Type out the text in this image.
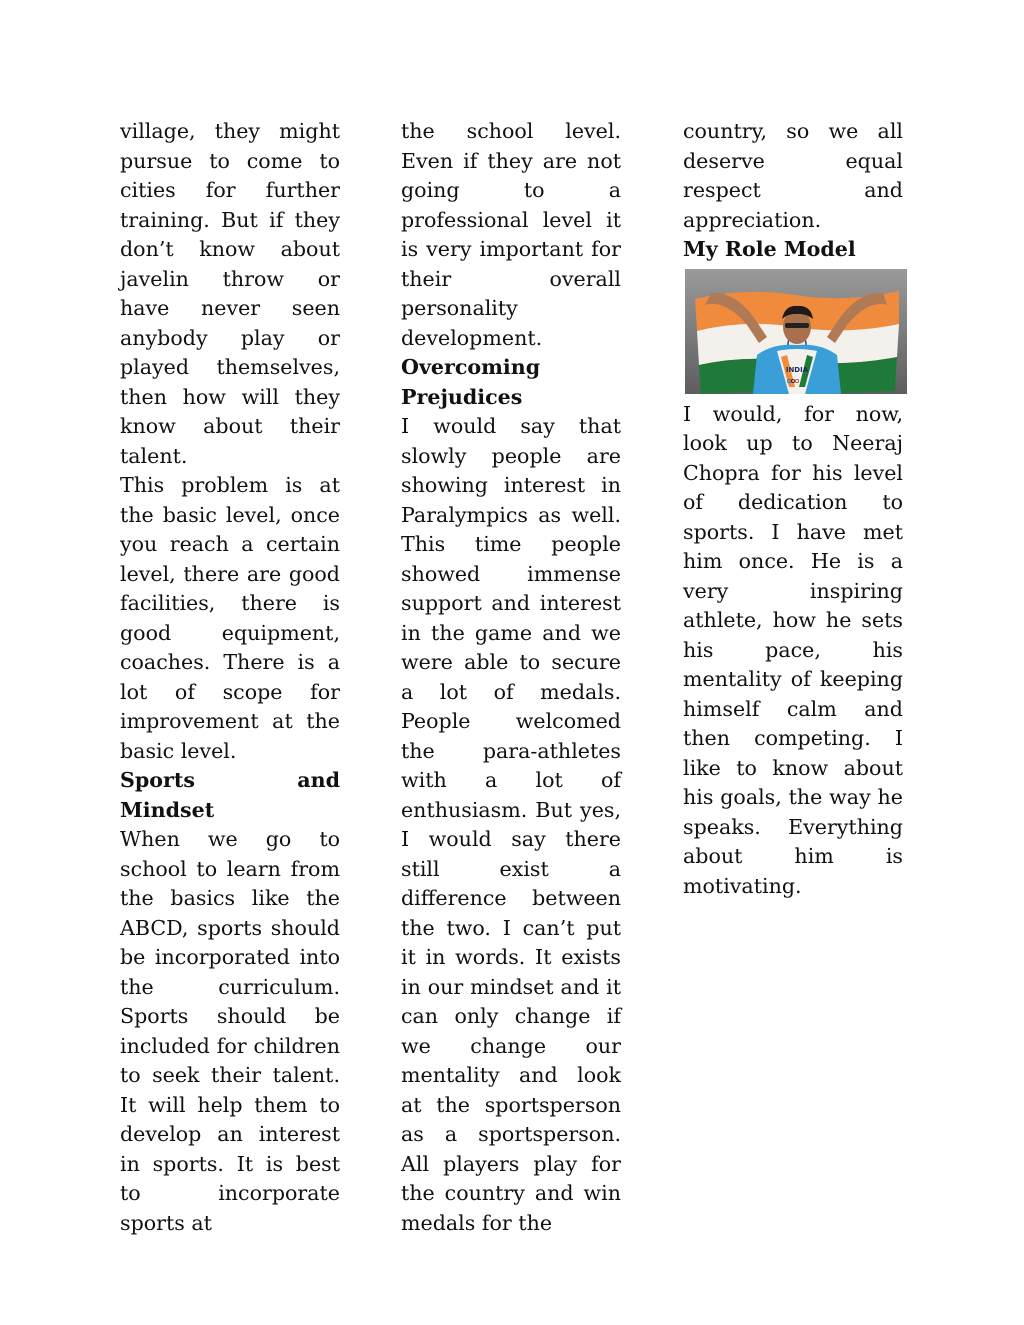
village, they might pursue to come to cities for further training. But if they don’t know about javelin throw or have never seen anybody play or played themselves, then how will they know about their talent.

This problem is at the basic level, once you reach a certain level, there are good facilities, there is good equipment, coaches. There is a lot of scope for improvement at the basic level.

Sports and Mindset

When we go to school to learn from the basics like the ABCD, sports should be incorporated into the curriculum. Sports should be included for children to seek their talent. It will help them to develop an interest in sports. It is best to incorporate sports at

the school level. Even if they are not going to a professional level it is very important for their overall personality development.

Overcoming Prejudices

I would say that slowly people are showing interest in Paralympics as well. This time people showed immense support and interest in the game and we were able to secure a lot of medals. People welcomed the para-athletes with a lot of enthusiasm. But yes, I would say there still exist a difference between the two. I can’t put it in words. It exists in our mindset and it can only change if we change our mentality and look at the sportsperson as a sportsperson. All players play for the country and win medals for the

country, so we all deserve equal respect and appreciation.

My Role Model
INDIA

I would, for now, look up to Neeraj Chopra for his level of dedication to sports. I have met him once. He is a very inspiring athlete, how he sets his pace, his mentality of keeping himself calm and then competing. I like to know about his goals, the way he speaks. Everything about him is motivating.
